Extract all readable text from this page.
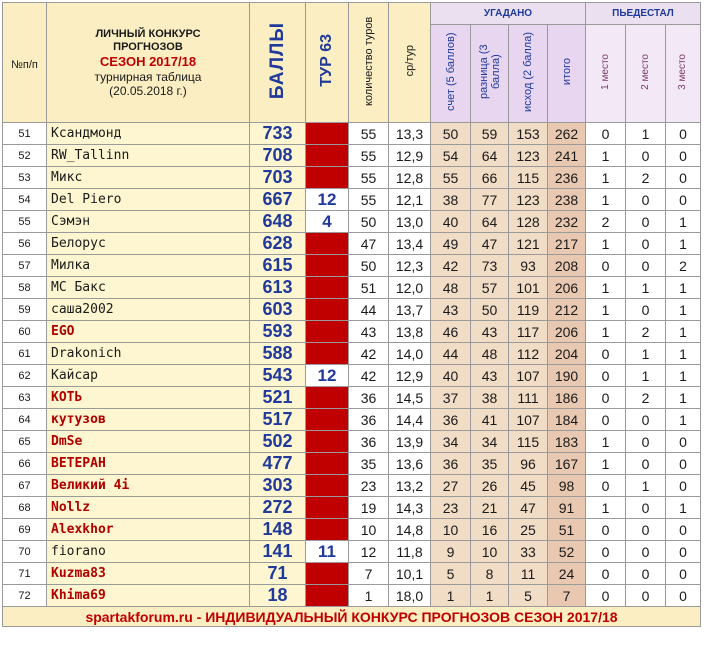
№п/п	ЛИЧНЫЙ КОНКУРС
ПРОГНОЗОВ
СЕЗОН 2017/18
турнирная таблица
(20.05.2018 г.)	БАЛЛЫ	ТУР 63	количество туров	ср/тур	УГАДАНО				ПЬЕДЕСТАЛ		
						счет (5 баллов)	разница (3 балла)	исход (2 балла)	итого	1 место	2 место	3 место
51	Ксандмонд	733		55	13,3	50	59	153	262	0	1	0
52	RW_Tallinn	708		55	12,9	54	64	123	241	1	0	0
53	Микс	703		55	12,8	55	66	115	236	1	2	0
54	Del Piero	667	12	55	12,1	38	77	123	238	1	0	0
55	Сэмэн	648	4	50	13,0	40	64	128	232	2	0	1
56	Белорус	628		47	13,4	49	47	121	217	1	0	1
57	Милка	615		50	12,3	42	73	93	208	0	0	2
58	MC Бакс	613		51	12,0	48	57	101	206	1	1	1
59	саша2002	603		44	13,7	43	50	119	212	1	0	1
60	EGO	593		43	13,8	46	43	117	206	1	2	1
61	Drakonich	588		42	14,0	44	48	112	204	0	1	1
62	Кайсар	543	12	42	12,9	40	43	107	190	0	1	1
63	КОТЬ	521		36	14,5	37	38	111	186	0	2	1
64	кутузов	517		36	14,4	36	41	107	184	0	0	1
65	DmSe	502		36	13,9	34	34	115	183	1	0	0
66	ВЕТЕРАН	477		35	13,6	36	35	96	167	1	0	0
67	Великий 4i	303		23	13,2	27	26	45	98	0	1	0
68	Nollz	272		19	14,3	23	21	47	91	1	0	1
69	Alexkhor	148		10	14,8	10	16	25	51	0	0	0
70	fiorano	141	11	12	11,8	9	10	33	52	0	0	0
71	Kuzma83	71		7	10,1	5	8	11	24	0	0	0
72	Khima69	18		1	18,0	1	1	5	7	0	0	0
spartakforum.ru - ИНДИВИДУАЛЬНЫЙ КОНКУРС ПРОГНОЗОВ СЕЗОН 2017/18												
